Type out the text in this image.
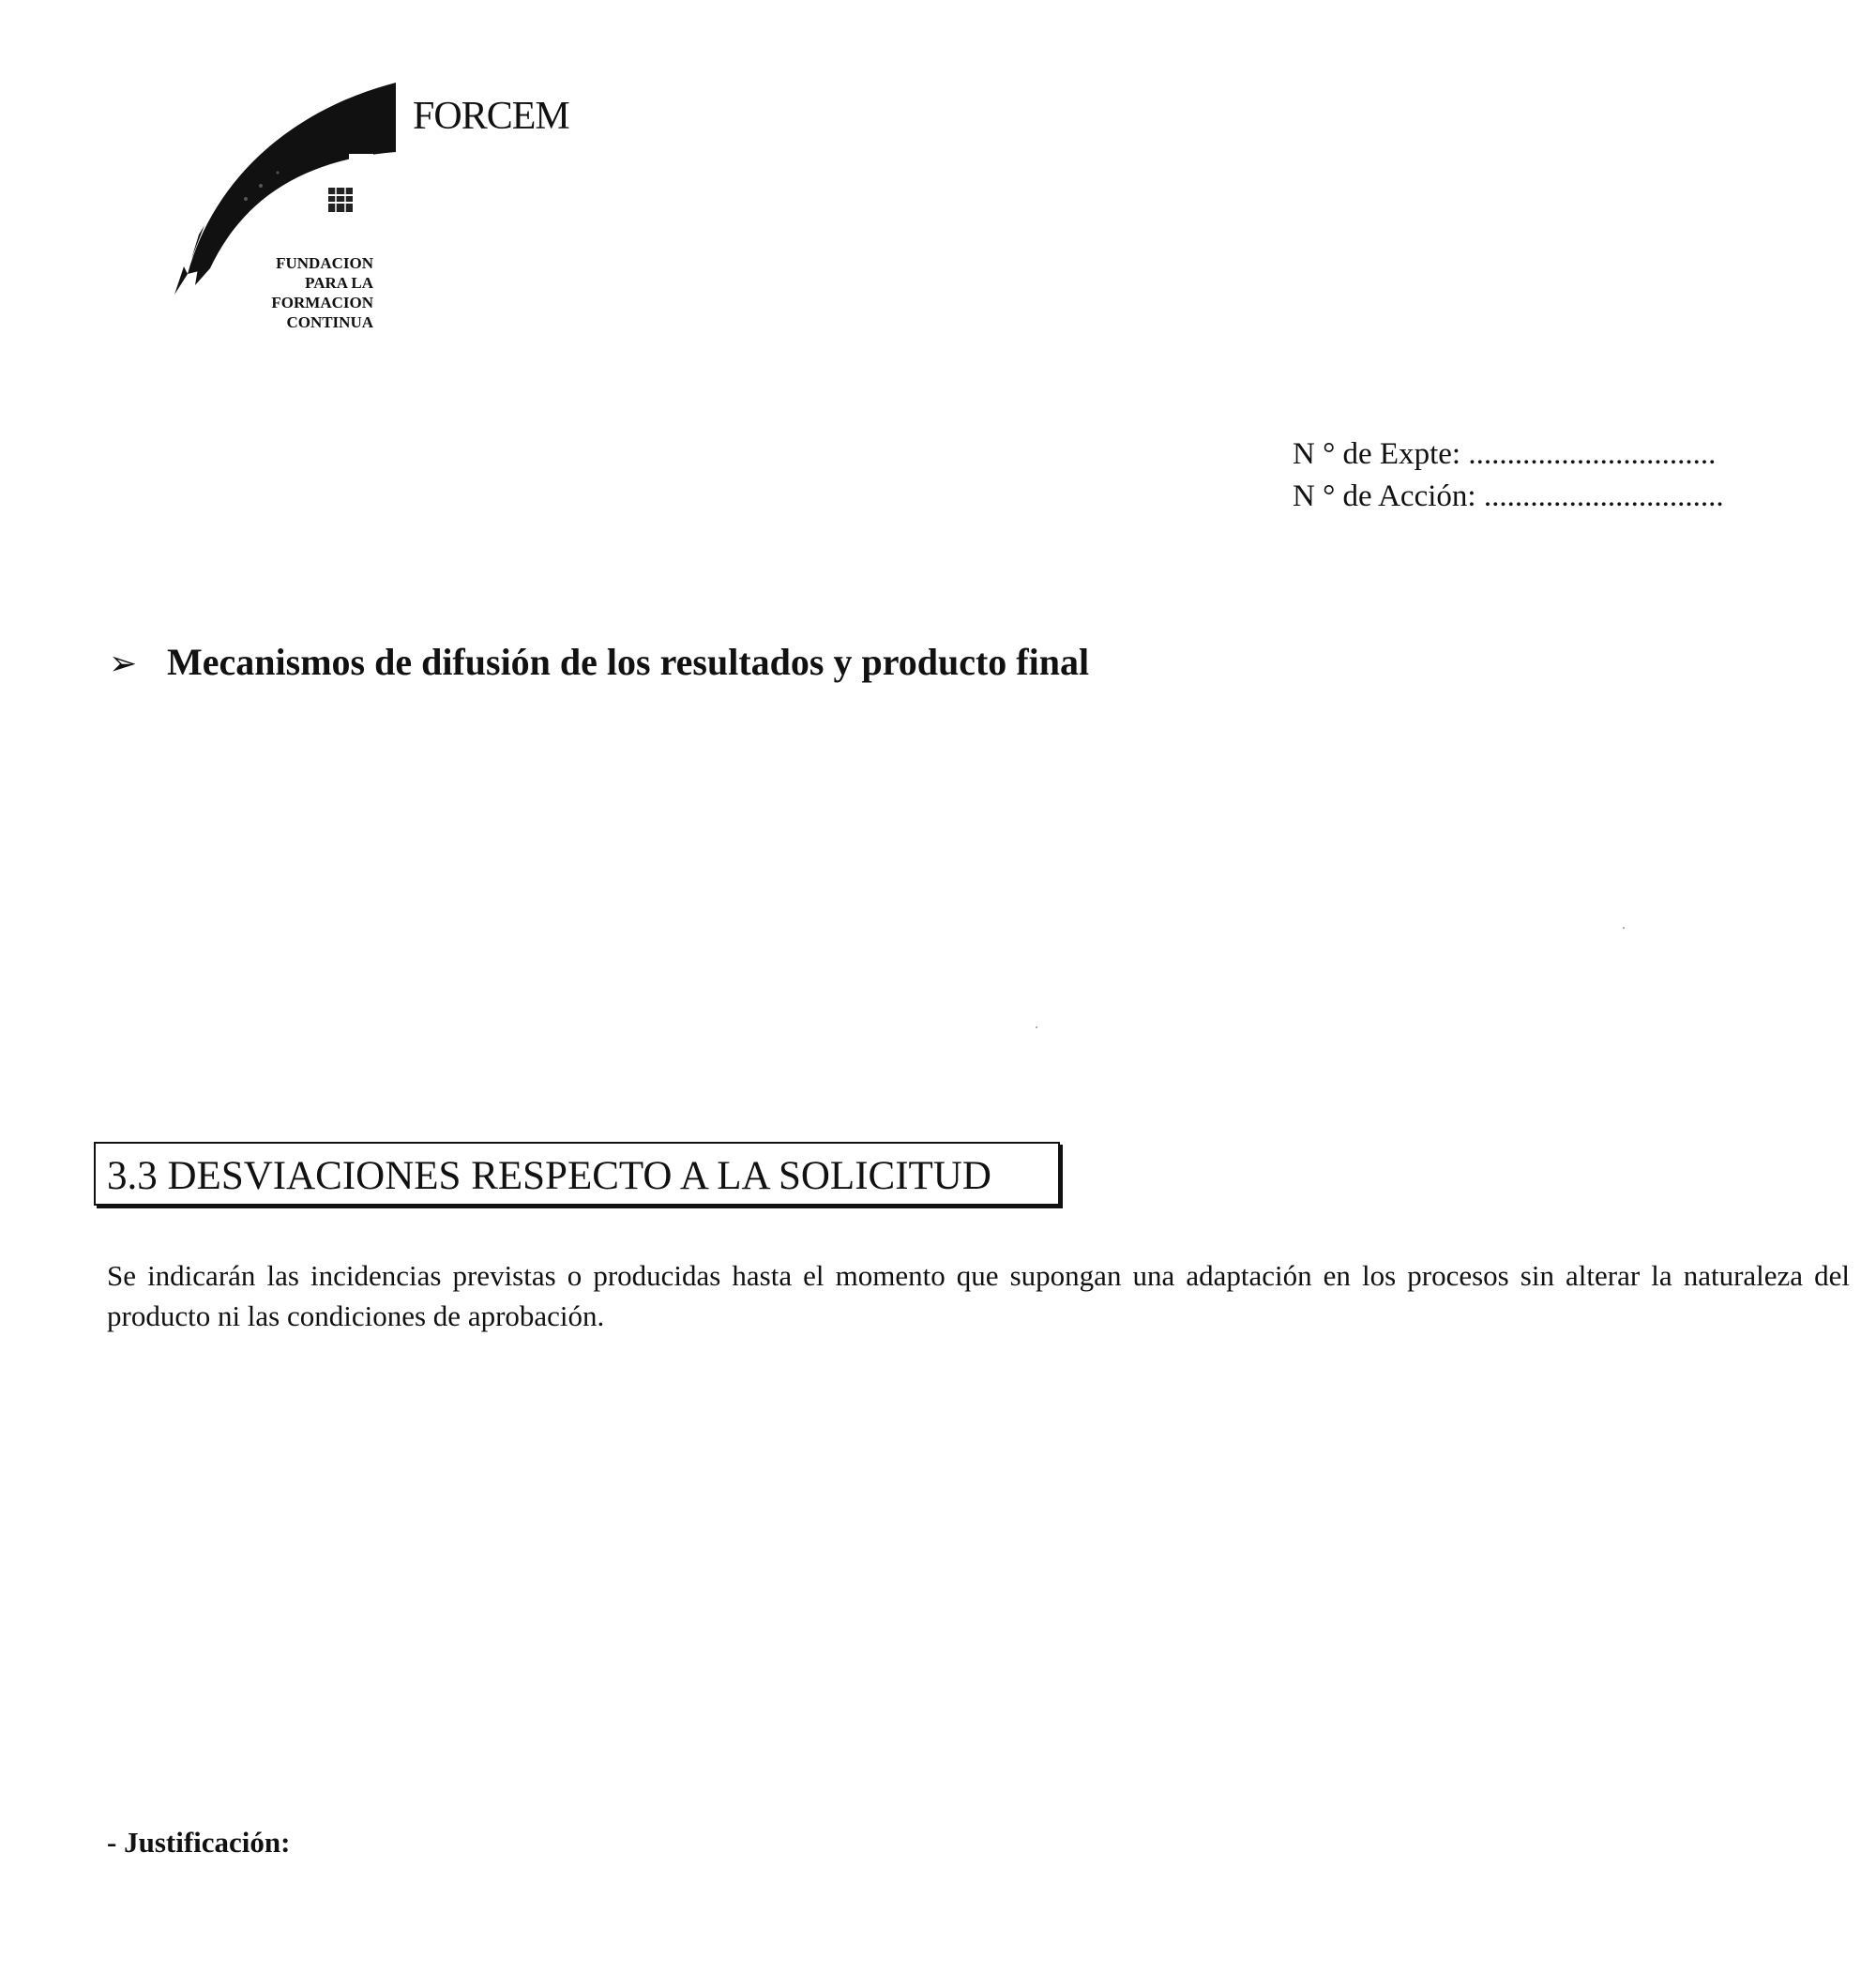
FORCEM
FUNDACION
PARA LA
FORMACION
CONTINUA
N ° de Expte: ................................
N ° de Acción: ...............................
➢ Mecanismos de difusión de los resultados y producto final
3.3 DESVIACIONES RESPECTO A LA SOLICITUD
Se indicarán las incidencias previstas o producidas hasta el momento que supongan una adaptación en los procesos sin alterar la naturaleza del producto ni las condiciones de aprobación.
- Justificación:
